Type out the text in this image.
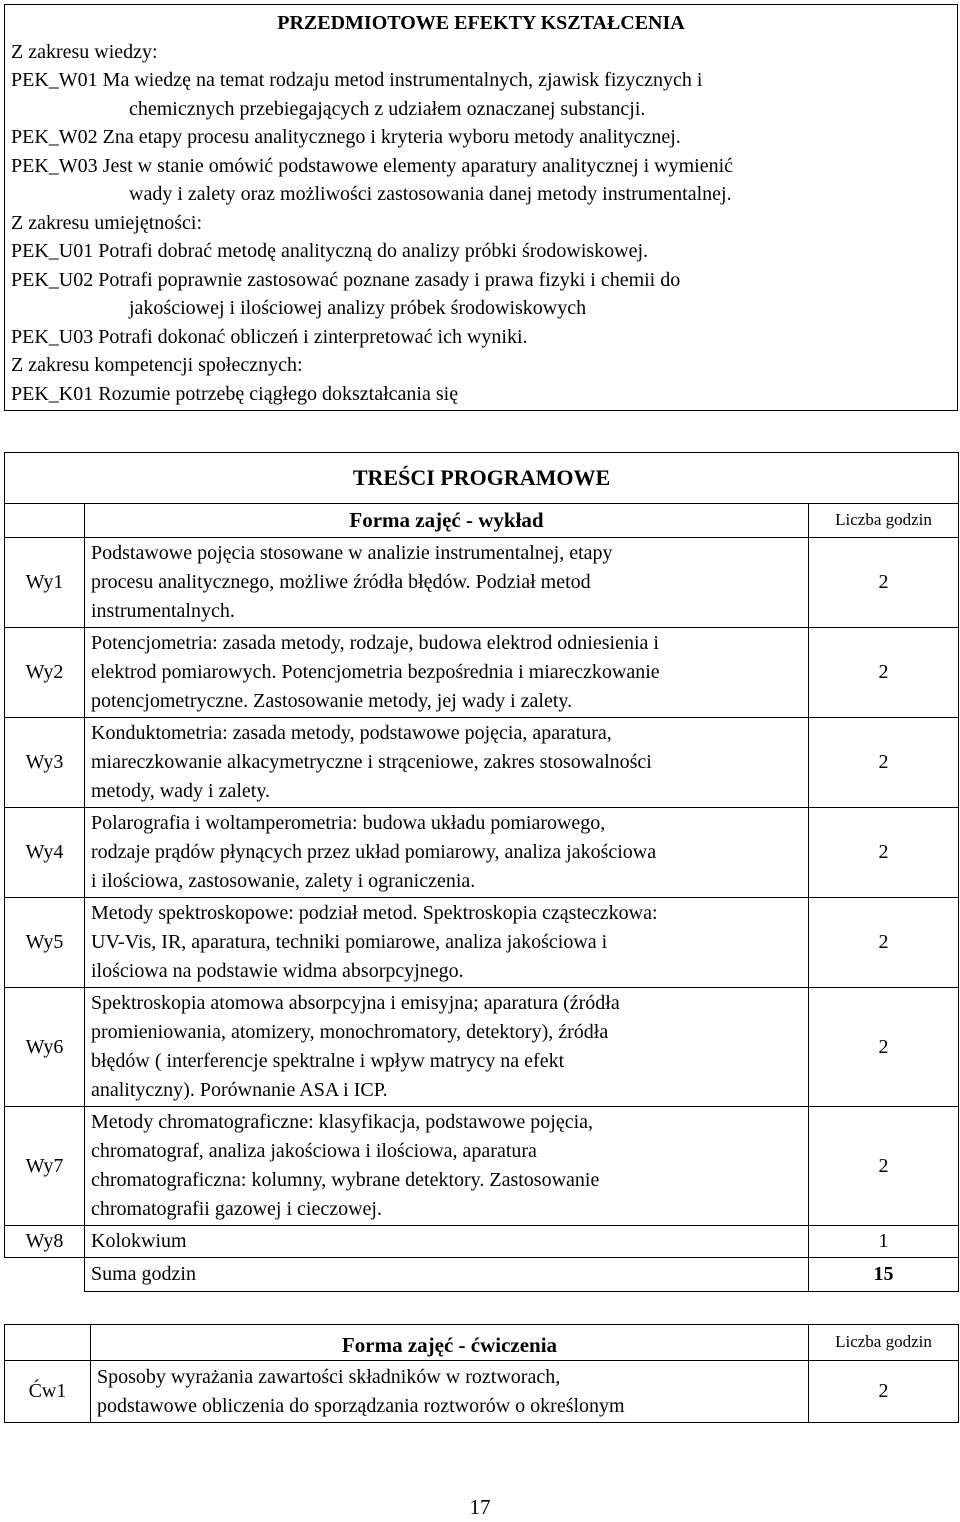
PRZEDMIOTOWE EFEKTY KSZTAŁCENIA
Z zakresu wiedzy:
PEK_W01 Ma wiedzę na temat rodzaju metod instrumentalnych, zjawisk fizycznych i
chemicznych przebiegających z udziałem oznaczanej substancji.
PEK_W02 Zna etapy procesu analitycznego i kryteria wyboru metody analitycznej.
PEK_W03 Jest w stanie omówić podstawowe elementy aparatury analitycznej i wymienić
wady i zalety oraz możliwości zastosowania danej metody instrumentalnej.
Z zakresu umiejętności:
PEK_U01 Potrafi dobrać metodę analityczną do analizy próbki środowiskowej.
PEK_U02 Potrafi poprawnie zastosować poznane zasady i prawa fizyki i chemii do
jakościowej i ilościowej analizy próbek środowiskowych
PEK_U03 Potrafi dokonać obliczeń i zinterpretować ich wyniki.
Z zakresu kompetencji społecznych:
PEK_K01 Rozumie potrzebę ciągłego dokształcania się
TREŚCI PROGRAMOWE		
	Forma zajęć - wykład	Liczba godzin
Wy1	Podstawowe pojęcia stosowane w analizie instrumentalnej, etapy
procesu analitycznego, możliwe źródła błędów. Podział metod
instrumentalnych.	2
Wy2	Potencjometria: zasada metody, rodzaje, budowa elektrod odniesienia i
elektrod pomiarowych. Potencjometria bezpośrednia i miareczkowanie
potencjometryczne. Zastosowanie metody, jej wady i zalety.	2
Wy3	Konduktometria: zasada metody, podstawowe pojęcia, aparatura,
miareczkowanie alkacymetryczne i strąceniowe, zakres stosowalności
metody, wady i zalety.	2
Wy4	Polarografia i woltamperometria: budowa układu pomiarowego,
rodzaje prądów płynących przez układ pomiarowy, analiza jakościowa
i ilościowa, zastosowanie, zalety i ograniczenia.	2
Wy5	Metody spektroskopowe: podział metod. Spektroskopia cząsteczkowa:
UV-Vis, IR, aparatura, techniki pomiarowe, analiza jakościowa i
ilościowa na podstawie widma absorpcyjnego.	2
Wy6	Spektroskopia atomowa absorpcyjna i emisyjna; aparatura (źródła
promieniowania, atomizery, monochromatory, detektory), źródła
błędów ( interferencje spektralne i wpływ matrycy na efekt
analityczny). Porównanie ASA i ICP.	2
Wy7	Metody chromatograficzne: klasyfikacja, podstawowe pojęcia,
chromatograf, analiza jakościowa i ilościowa, aparatura
chromatograficzna: kolumny, wybrane detektory. Zastosowanie
chromatografii gazowej i cieczowej.	2
Wy8	Kolokwium	1
	Suma godzin	15
	Forma zajęć - ćwiczenia	Liczba godzin
Ćw1	Sposoby wyrażania zawartości składników w roztworach,
podstawowe obliczenia do sporządzania roztworów o określonym	2
17
